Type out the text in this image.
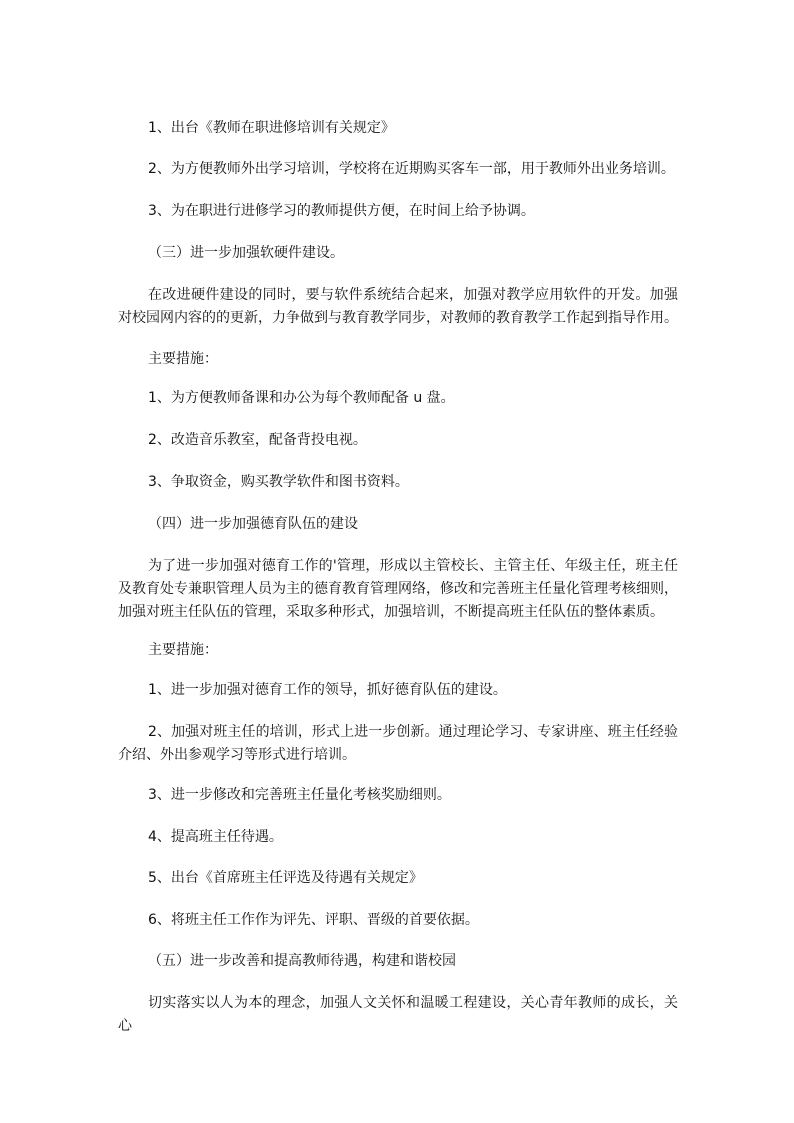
1、出台《教师在职进修培训有关规定》

2、为方便教师外出学习培训，学校将在近期购买客车一部，用于教师外出业务培训。

3、为在职进行进修学习的教师提供方便，在时间上给予协调。

（三）进一步加强软硬件建设。

在改进硬件建设的同时，要与软件系统结合起来，加强对教学应用软件的开发。加强对校园网内容的的更新，力争做到与教育教学同步，对教师的教育教学工作起到指导作用。

主要措施：

1、为方便教师备课和办公为每个教师配备 u 盘。

2、改造音乐教室，配备背投电视。

3、争取资金，购买教学软件和图书资料。

（四）进一步加强德育队伍的建设

为了进一步加强对德育工作的'管理，形成以主管校长、主管主任、年级主任，班主任及教育处专兼职管理人员为主的德育教育管理网络，修改和完善班主任量化管理考核细则，加强对班主任队伍的管理，采取多种形式，加强培训，不断提高班主任队伍的整体素质。

主要措施：

1、进一步加强对德育工作的领导，抓好德育队伍的建设。

2、加强对班主任的培训，形式上进一步创新。通过理论学习、专家讲座、班主任经验介绍、外出参观学习等形式进行培训。

3、进一步修改和完善班主任量化考核奖励细则。

4、提高班主任待遇。

5、出台《首席班主任评选及待遇有关规定》

6、将班主任工作作为评先、评职、晋级的首要依据。

（五）进一步改善和提高教师待遇，构建和谐校园

切实落实以人为本的理念，加强人文关怀和温暖工程建设，关心青年教师的成长，关心
